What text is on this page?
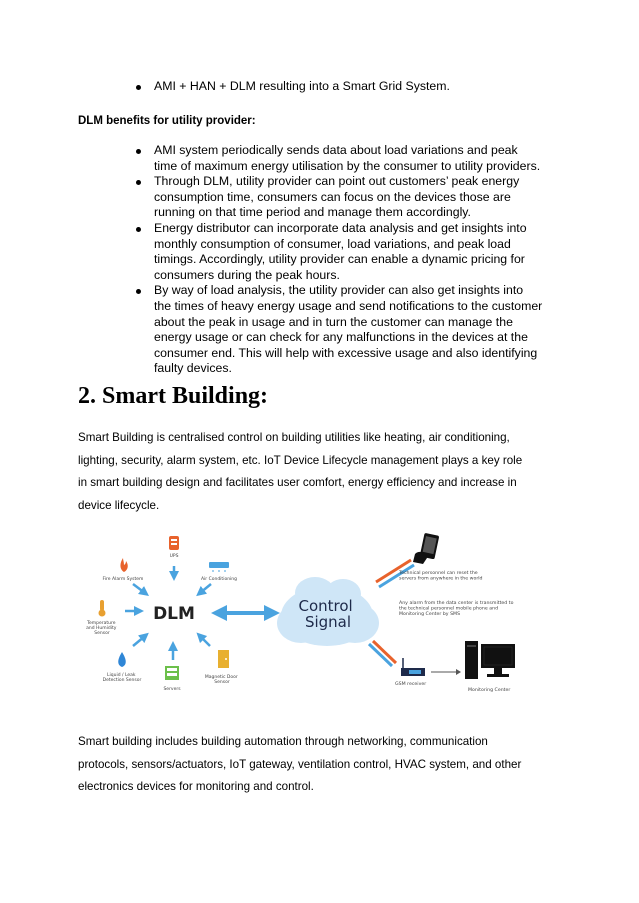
AMI + HAN + DLM resulting into a Smart Grid System.
DLM benefits for utility provider:
AMI system periodically sends data about load variations and peak
time of maximum energy utilisation by the consumer to utility providers.
Through DLM, utility provider can point out customers’ peak energy
consumption time, consumers can focus on the devices those are
running on that time period and manage them accordingly.
Energy distributor can incorporate data analysis and get insights into
monthly consumption of consumer, load variations, and peak load
timings. Accordingly, utility provider can enable a dynamic pricing for
consumers during the peak hours.
By way of load analysis, the utility provider can also get insights into
the times of heavy energy usage and send notifications to the customer
about the peak in usage and in turn the customer can manage the
energy usage or can check for any malfunctions in the devices at the
consumer end. This will help with excessive usage and also identifying
faulty devices.
2. Smart Building:
Smart Building is centralised control on building utilities like heating, air conditioning,
lighting, security, alarm system, etc. IoT Device Lifecycle management plays a key role
in smart building design and facilitates user comfort, energy efficiency and increase in
device lifecycle.
DLM
UPS
Fire Alarm System	Air Conditioning
Temperature and Humidity Sensor
Liquid / Leak Detection Sensor
Servers
Magnetic Door Sensor
Control Signal
Technical personnel can reset the servers from anywhere in the world
Any alarm from the data center is transmitted to the technical personnel mobile phone and Monitoring Center by SMS
GSM receiver
Monitoring Center
Smart building includes building automation through networking, communication
protocols, sensors/actuators, IoT gateway, ventilation control, HVAC system, and other
electronics devices for monitoring and control.
